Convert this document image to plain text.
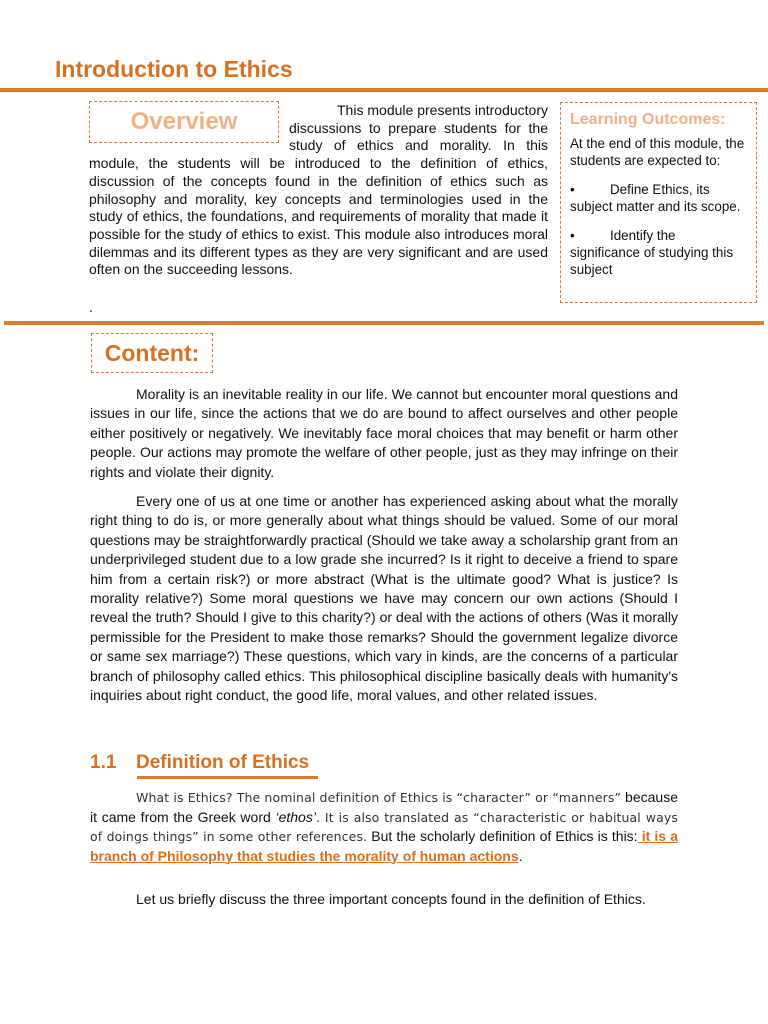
Introduction to Ethics
Overview	This module presents introductory discussions to prepare students for the study of ethics and morality. In this module, the students will be introduced to the definition of ethics, discussion of the concepts found in the definition of ethics such as philosophy and morality, key concepts and terminologies used in the study of ethics, the foundations, and requirements of morality that made it possible for the study of ethics to exist. This module also introduces moral dilemmas and its different types as they are very significant and are used often on the succeeding lessons.
.
Learning Outcomes:
At the end of this module, the students are expected to:
•	Define Ethics, its subject matter and its scope.
•	Identify the significance of studying this subject
Content:
Morality is an inevitable reality in our life. We cannot but encounter moral questions and issues in our life, since the actions that we do are bound to affect ourselves and other people either positively or negatively. We inevitably face moral choices that may benefit or harm other people. Our actions may promote the welfare of other people, just as they may infringe on their rights and violate their dignity.
Every one of us at one time or another has experienced asking about what the morally right thing to do is, or more generally about what things should be valued. Some of our moral questions may be straightforwardly practical (Should we take away a scholarship grant from an underprivileged student due to a low grade she incurred? Is it right to deceive a friend to spare him from a certain risk?) or more abstract (What is the ultimate good? What is justice? Is morality relative?) Some moral questions we have may concern our own actions (Should I reveal the truth? Should I give to this charity?) or deal with the actions of others (Was it morally permissible for the President to make those remarks? Should the government legalize divorce or same sex marriage?) These questions, which vary in kinds, are the concerns of a particular branch of philosophy called ethics. This philosophical discipline basically deals with humanity's inquiries about right conduct, the good life, moral values, and other related issues.
1.1 Definition of Ethics
What is Ethics? The nominal definition of Ethics is “character” or “manners” because it came from the Greek word ‘ethos’. It is also translated as “characteristic or habitual ways of doings things” in some other references. But the scholarly definition of Ethics is this: it is a branch of Philosophy that studies the morality of human actions.
Let us briefly discuss the three important concepts found in the definition of Ethics.
